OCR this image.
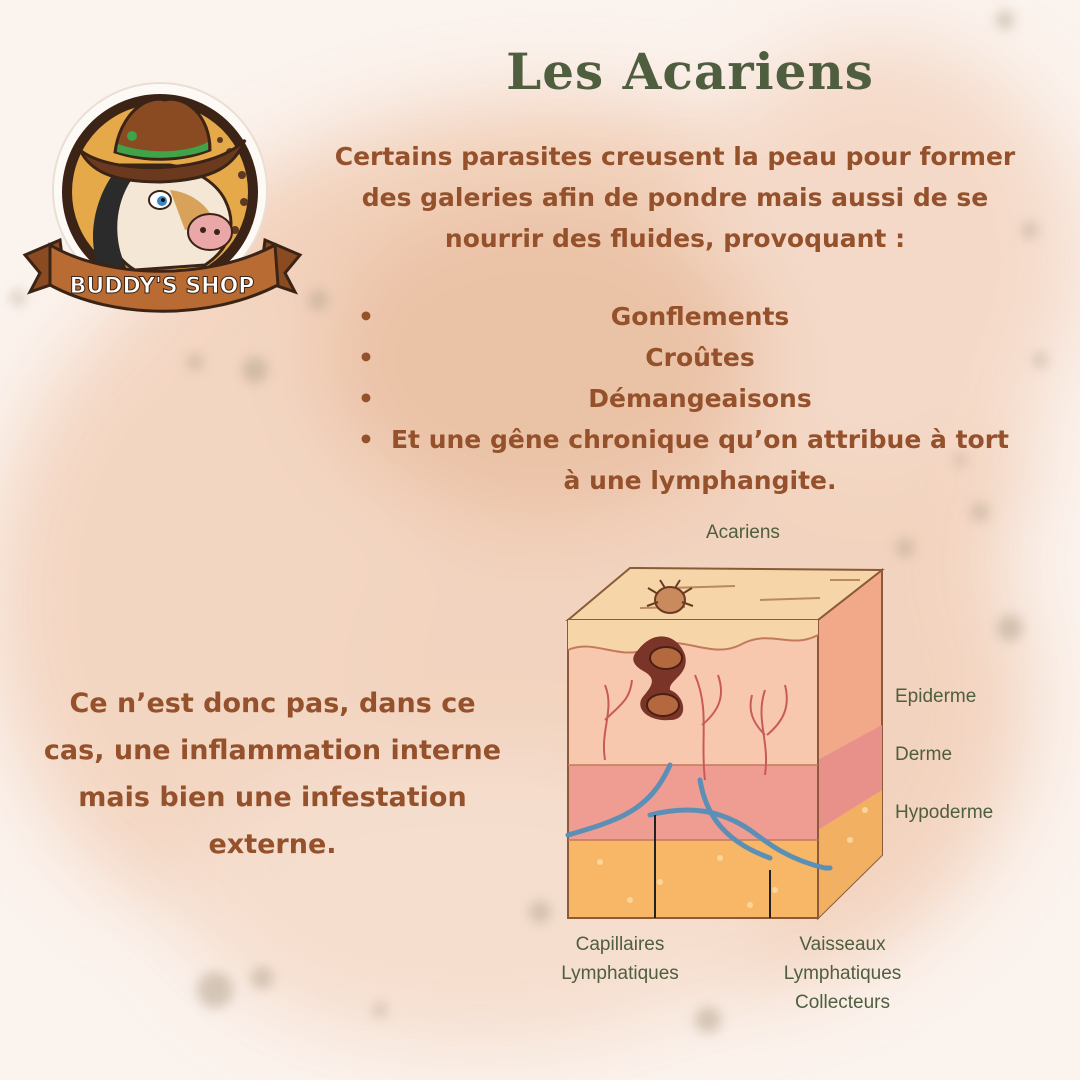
BUDDY'S SHOP
Les Acariens

Certains parasites creusent la peau pour former des galeries afin de pondre mais aussi de se nourrir des fluides, provoquant :

•	Gonflements
•	Croûtes
•	Démangeaisons
• Et une gêne chronique qu’on attribue à tort à une lymphangite.

Ce n’est donc pas, dans ce cas, une inflammation interne mais bien une infestation externe.

Acariens
Epiderme
Derme
Hypoderme
Capillaires Lymphatiques
Vaisseaux Lymphatiques Collecteurs
